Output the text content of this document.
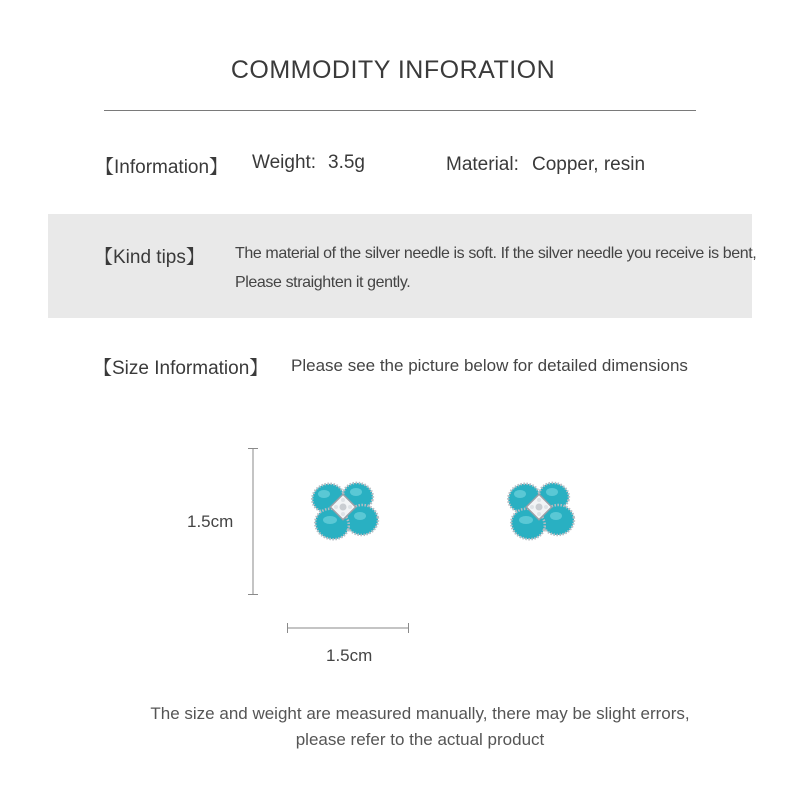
COMMODITY INFORATION
【Information】 Weight: 3.5g	Material: Copper, resin
【Kind tips】 The material of the silver needle is soft. If the silver needle you receive is bent,
Please straighten it gently.
【Size Information】 Please see the picture below for detailed dimensions
1.5cm
1.5cm
The size and weight are measured manually, there may be slight errors,
please refer to the actual product
